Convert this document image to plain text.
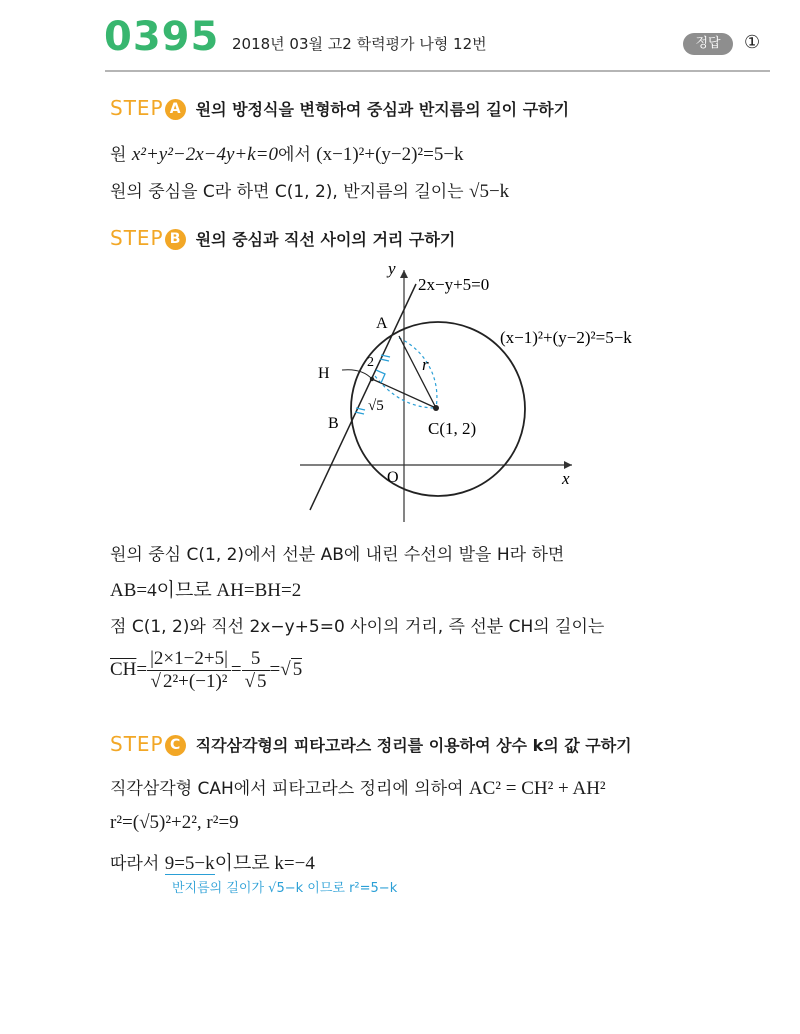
0395 2018년 03월 고2 학력평가 나형 12번	정답	①
STEP A 원의 방정식을 변형하여 중심과 반지름의 길이 구하기
원 x²+y²−2x−4y+k=0에서 (x−1)²+(y−2)²=5−k
원의 중심을 C라 하면 C(1, 2), 반지름의 길이는 √5−k
STEP B 원의 중심과 직선 사이의 거리 구하기
y
x
O
2x−y+5=0
(x−1)²+(y−2)²=5−k
A
B
H
C(1, 2)
r
2
√5
원의 중심 C(1, 2)에서 선분 AB에 내린 수선의 발을 H라 하면
AB=4이므로 AH=BH=2
점 C(1, 2)와 직선 2x−y+5=0 사이의 거리, 즉 선분 CH의 길이는
$\overline{CH}= \frac{|2\times 1-2+5|}{\text{√ 2²+(−1)²}} = \frac{5}{√ 5}$ =√ 5
STEP C 직각삼각형의 피타고라스 정리를 이용하여 상수 k의 값 구하기
직각삼각형 CAH에서 피타고라스 정리에 의하여 AC² = CH² + AH²
r²=(√5)²+2², r²=9
따라서 9=5−k이므로 k=−4
반지름의 길이가 √5−k 이므로 r²=5−k
